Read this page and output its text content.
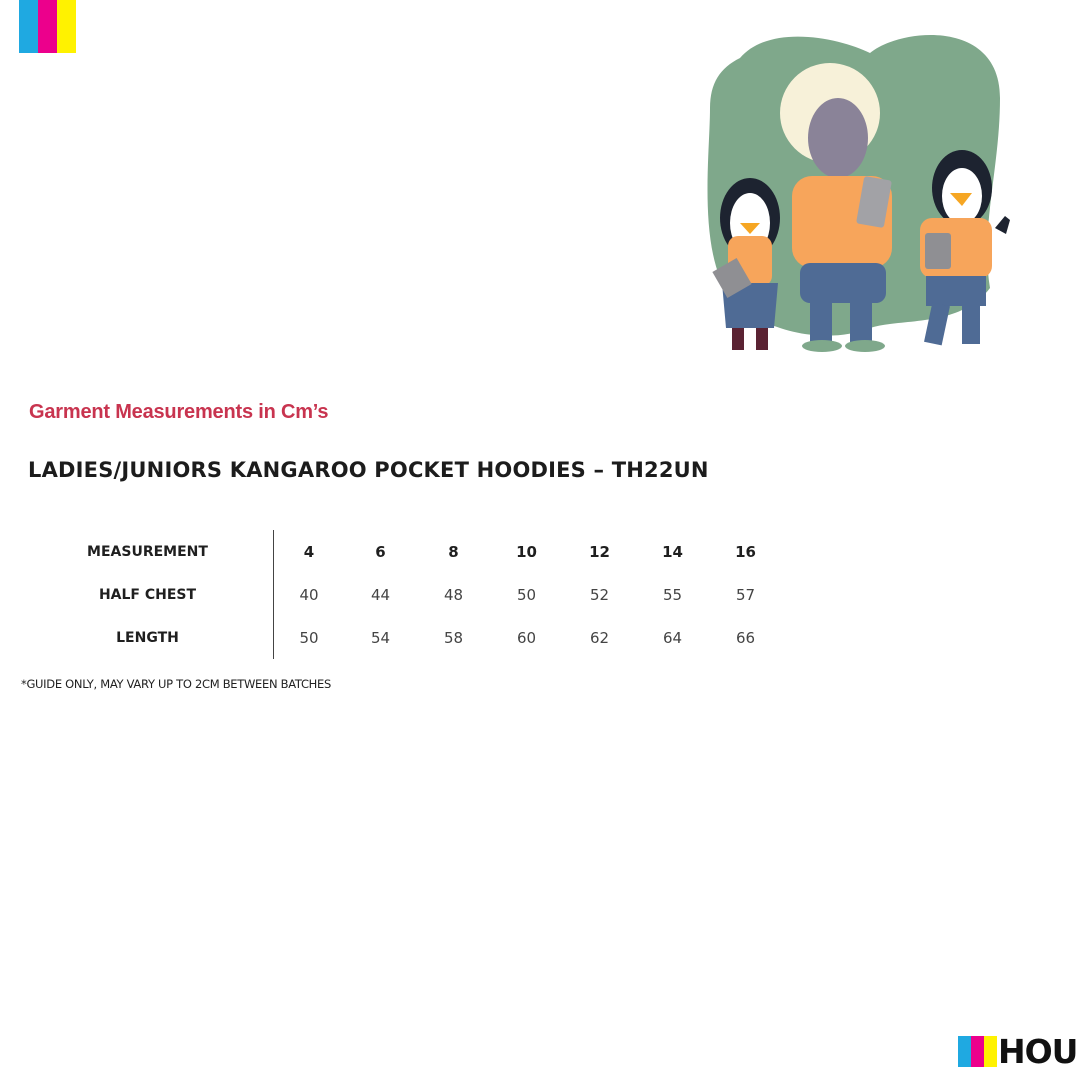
Garment Measurements in Cm’s
LADIES/JUNIORS KANGAROO POCKET HOODIES – TH22UN
MEASUREMENT	4	6	8	10	12	14	16
HALF CHEST	40	44	48	50	52	55	57
LENGTH	50	54	58	60	62	64	66
*GUIDE ONLY, MAY VARY UP TO 2CM BETWEEN BATCHES
HOU
